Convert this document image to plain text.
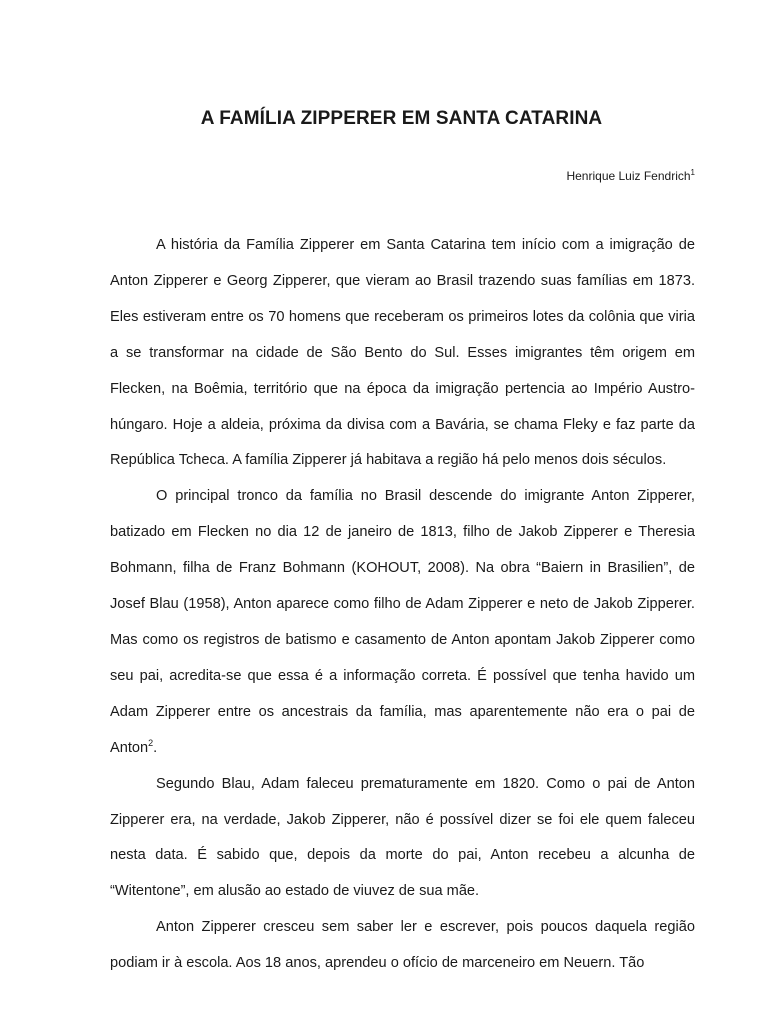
A FAMÍLIA ZIPPERER EM SANTA CATARINA

Henrique Luiz Fendrich$^1$

A história da Família Zipperer em Santa Catarina tem início com a imigração de Anton Zipperer e Georg Zipperer, que vieram ao Brasil trazendo suas famílias em 1873. Eles estiveram entre os 70 homens que receberam os primeiros lotes da colônia que viria a se transformar na cidade de São Bento do Sul. Esses imigrantes têm origem em Flecken, na Boêmia, território que na época da imigração pertencia ao Império Austro-húngaro. Hoje a aldeia, próxima da divisa com a Bavária, se chama Fleky e faz parte da República Tcheca. A família Zipperer já habitava a região há pelo menos dois séculos.

O principal tronco da família no Brasil descende do imigrante Anton Zipperer, batizado em Flecken no dia 12 de janeiro de 1813, filho de Jakob Zipperer e Theresia Bohmann, filha de Franz Bohmann (KOHOUT, 2008). Na obra “Baiern in Brasilien”, de Josef Blau (1958), Anton aparece como filho de Adam Zipperer e neto de Jakob Zipperer. Mas como os registros de batismo e casamento de Anton apontam Jakob Zipperer como seu pai, acredita-se que essa é a informação correta. É possível que tenha havido um Adam Zipperer entre os ancestrais da família, mas aparentemente não era o pai de Anton$^2$.

Segundo Blau, Adam faleceu prematuramente em 1820. Como o pai de Anton Zipperer era, na verdade, Jakob Zipperer, não é possível dizer se foi ele quem faleceu nesta data. É sabido que, depois da morte do pai, Anton recebeu a alcunha de “Witentone”, em alusão ao estado de viuvez de sua mãe.

Anton Zipperer cresceu sem saber ler e escrever, pois poucos daquela região podiam ir à escola. Aos 18 anos, aprendeu o ofício de marceneiro em Neuern. Tão
